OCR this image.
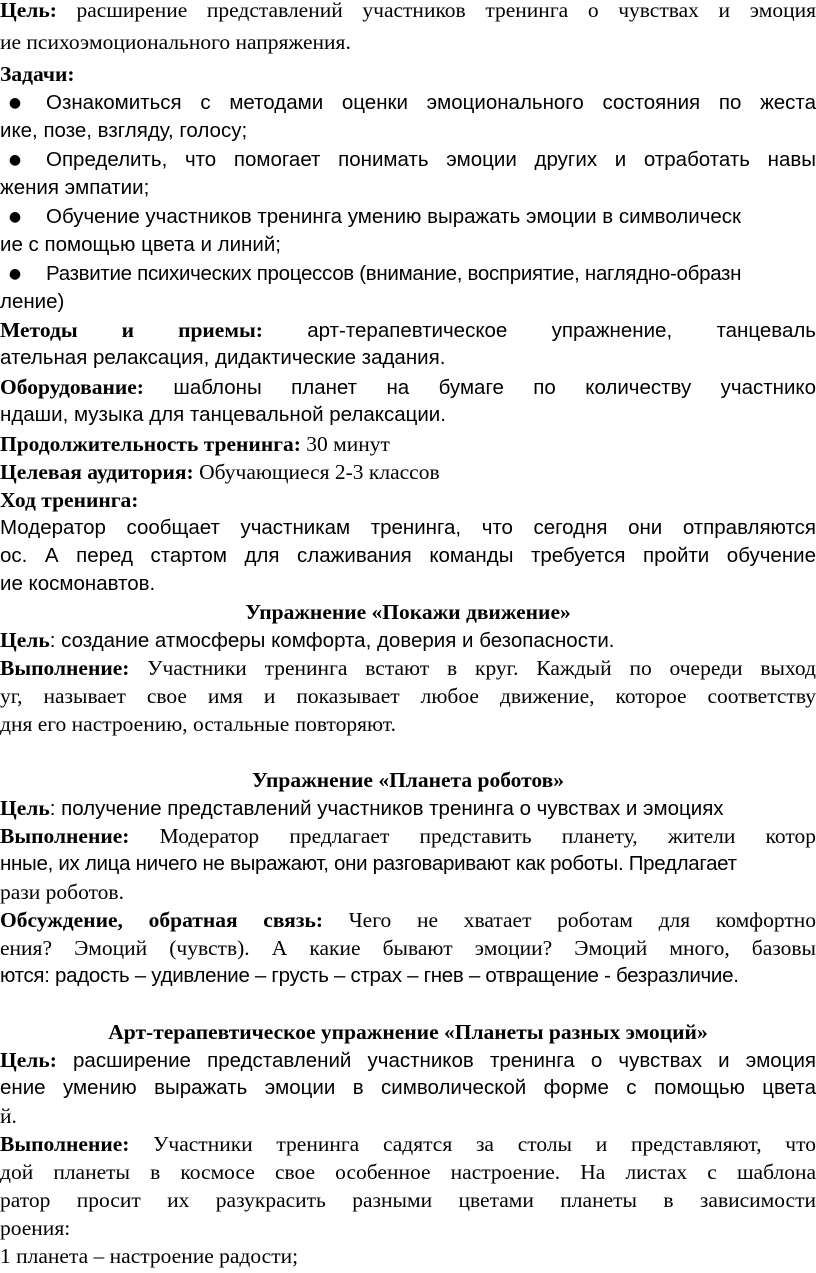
Цель: расширение представлений участников тренинга о чувствах и эмоция
ие психоэмоционального напряжения.
Задачи:
●	Ознакомиться с методами оценки эмоционального состояния по жеста
ике, позе, взгляду, голосу;
●	Определить, что помогает понимать эмоции других и отработать навы
жения эмпатии;
●	Обучение участников тренинга умению выражать эмоции в символическ
ие с помощью цвета и линий;
●	Развитие психических процессов (внимание, восприятие, наглядно-образн
ление)
Методы и приемы: арт-терапевтическое упражнение, танцеваль
ательная релаксация, дидактические задания.
Оборудование: шаблоны планет на бумаге по количеству участнико
ндаши, музыка для танцевальной релаксации.
Продолжительность тренинга: 30 минут
Целевая аудитория: Обучающиеся 2-3 классов
Ход тренинга:
Модератор сообщает участникам тренинга, что сегодня они отправляются
ос. А перед стартом для слаживания команды требуется пройти обучение
ие космонавтов.
Упражнение «Покажи движение»
Цель: создание атмосферы комфорта, доверия и безопасности.
Выполнение: Участники тренинга встают в круг. Каждый по очереди выход
уг, называет свое имя и показывает любое движение, которое соответству
дня его настроению, остальные повторяют.
Упражнение «Планета роботов»
Цель: получение представлений участников тренинга о чувствах и эмоциях
Выполнение: Модератор предлагает представить планету, жители котор
нные, их лица ничего не выражают, они разговаривают как роботы. Предлагает
рази роботов.
Обсуждение, обратная связь: Чего не хватает роботам для комфортно
ения? Эмоций (чувств). А какие бывают эмоции? Эмоций много, базовы
ются: радость – удивление – грусть – страх – гнев – отвращение - безразличие.
Арт-терапевтическое упражнение «Планеты разных эмоций»
Цель: расширение представлений участников тренинга о чувствах и эмоция
ение умению выражать эмоции в символической форме с помощью цвета
й.
Выполнение: Участники тренинга садятся за столы и представляют, что
дой планеты в космосе свое особенное настроение. На листах с шаблона
ратор просит их разукрасить разными цветами планеты в зависимости
роения:
1 планета – настроение радости;
